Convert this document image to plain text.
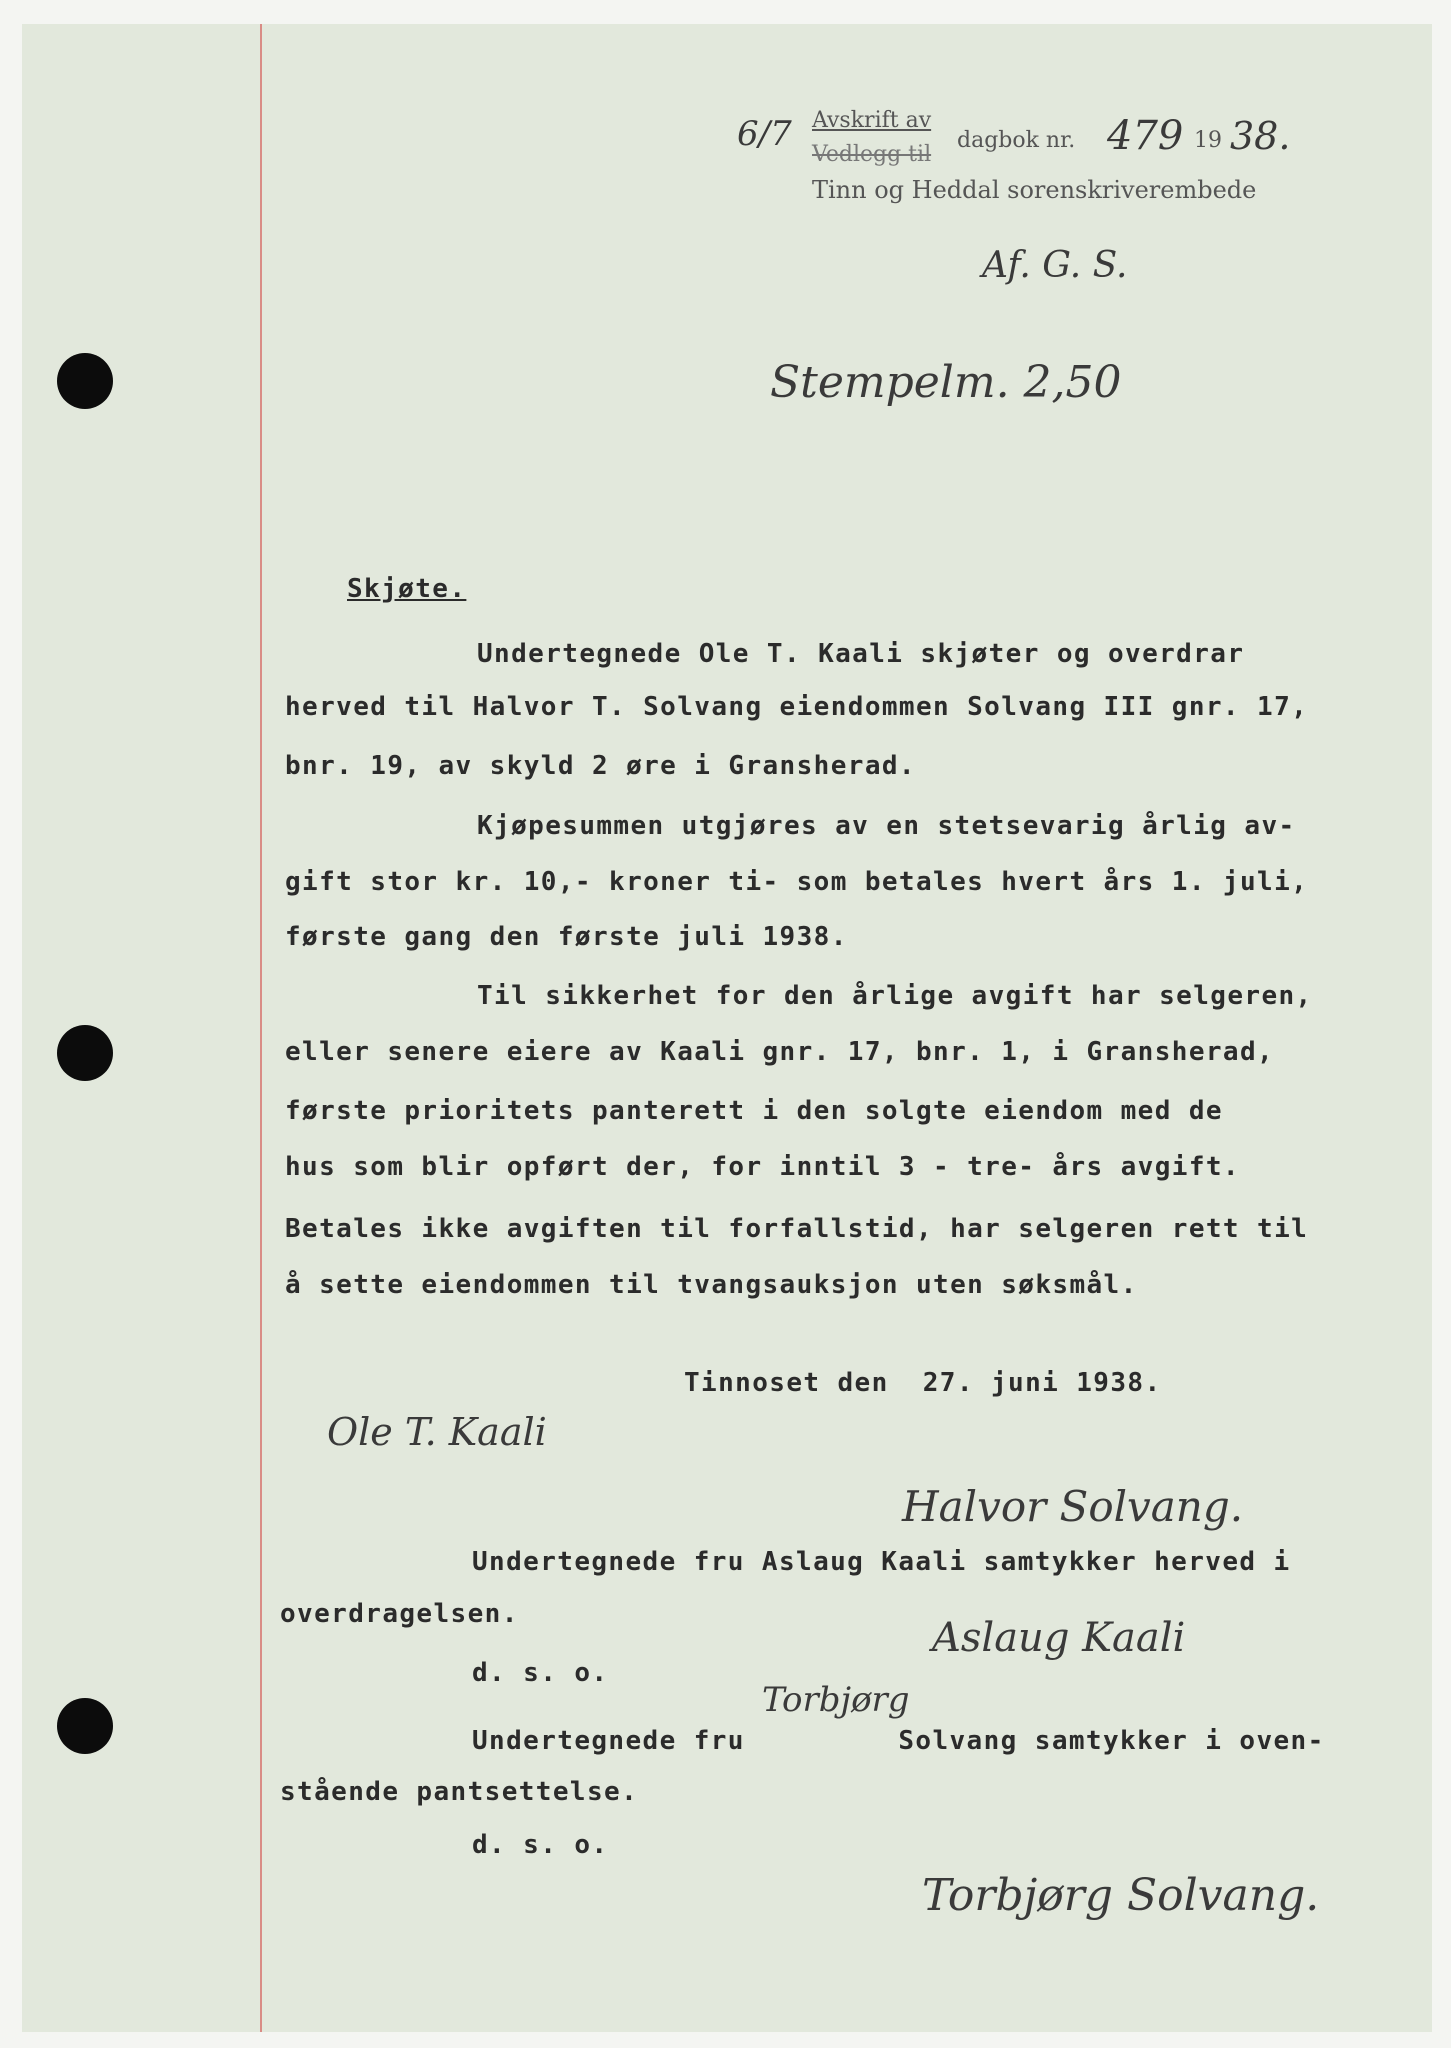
6/7 Avskrift av
Vedlegg til
dagbok nr. 479 19 38.
Tinn og Heddal sorenskriverembede
Af. G. S.
Stempelm. 2,50
Skjøte.
Undertegnede Ole T. Kaali skjøter og overdrar
herved til Halvor T. Solvang eiendommen Solvang III gnr. 17,
bnr. 19, av skyld 2 øre i Gransherad.
Kjøpesummen utgjøres av en stetsevarig årlig av-
gift stor kr. 10,- kroner ti- som betales hvert års 1. juli,
første gang den første juli 1938.
Til sikkerhet for den årlige avgift har selgeren,
eller senere eiere av Kaali gnr. 17, bnr. 1, i Gransherad,
første prioritets panterett i den solgte eiendom med de
hus som blir opført der, for inntil 3 - tre- års avgift.
Betales ikke avgiften til forfallstid, har selgeren rett til
å sette eiendommen til tvangsauksjon uten søksmål.
Tinnoset den  27. juni 1938.
Ole T. Kaali
Halvor Solvang.
Undertegnede fru Aslaug Kaali samtykker herved i
overdragelsen.
d. s. o.
Aslaug Kaali
Torbjørg
Undertegnede fru         Solvang samtykker i oven-
stående pantsettelse.
d. s. o.
Torbjørg Solvang.
